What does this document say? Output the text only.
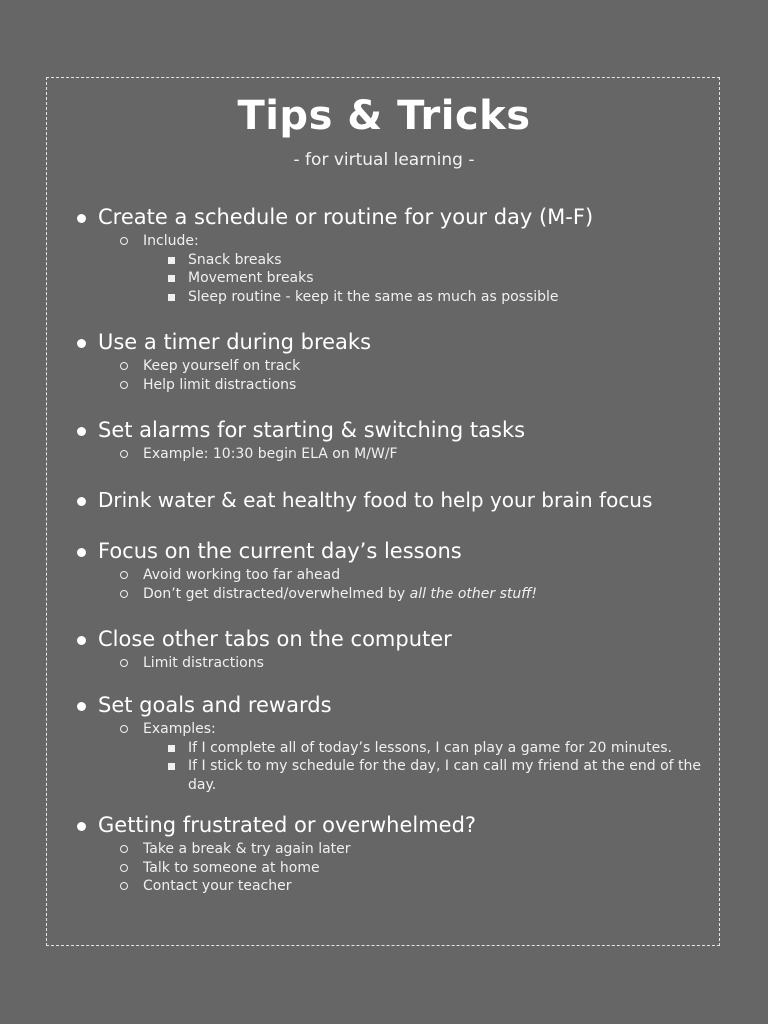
Tips & Tricks
- for virtual learning -
Create a schedule or routine for your day (M-F)
Include:
Snack breaks
Movement breaks
Sleep routine - keep it the same as much as possible
Use a timer during breaks
Keep yourself on track
Help limit distractions
Set alarms for starting & switching tasks
Example: 10:30 begin ELA on M/W/F
Drink water & eat healthy food to help your brain focus
Focus on the current day’s lessons
Avoid working too far ahead
Don’t get distracted/overwhelmed by all the other stuff!
Close other tabs on the computer
Limit distractions
Set goals and rewards
Examples:
If I complete all of today’s lessons, I can play a game for 20 minutes.
If I stick to my schedule for the day, I can call my friend at the end of the day.
Getting frustrated or overwhelmed?
Take a break & try again later
Talk to someone at home
Contact your teacher
